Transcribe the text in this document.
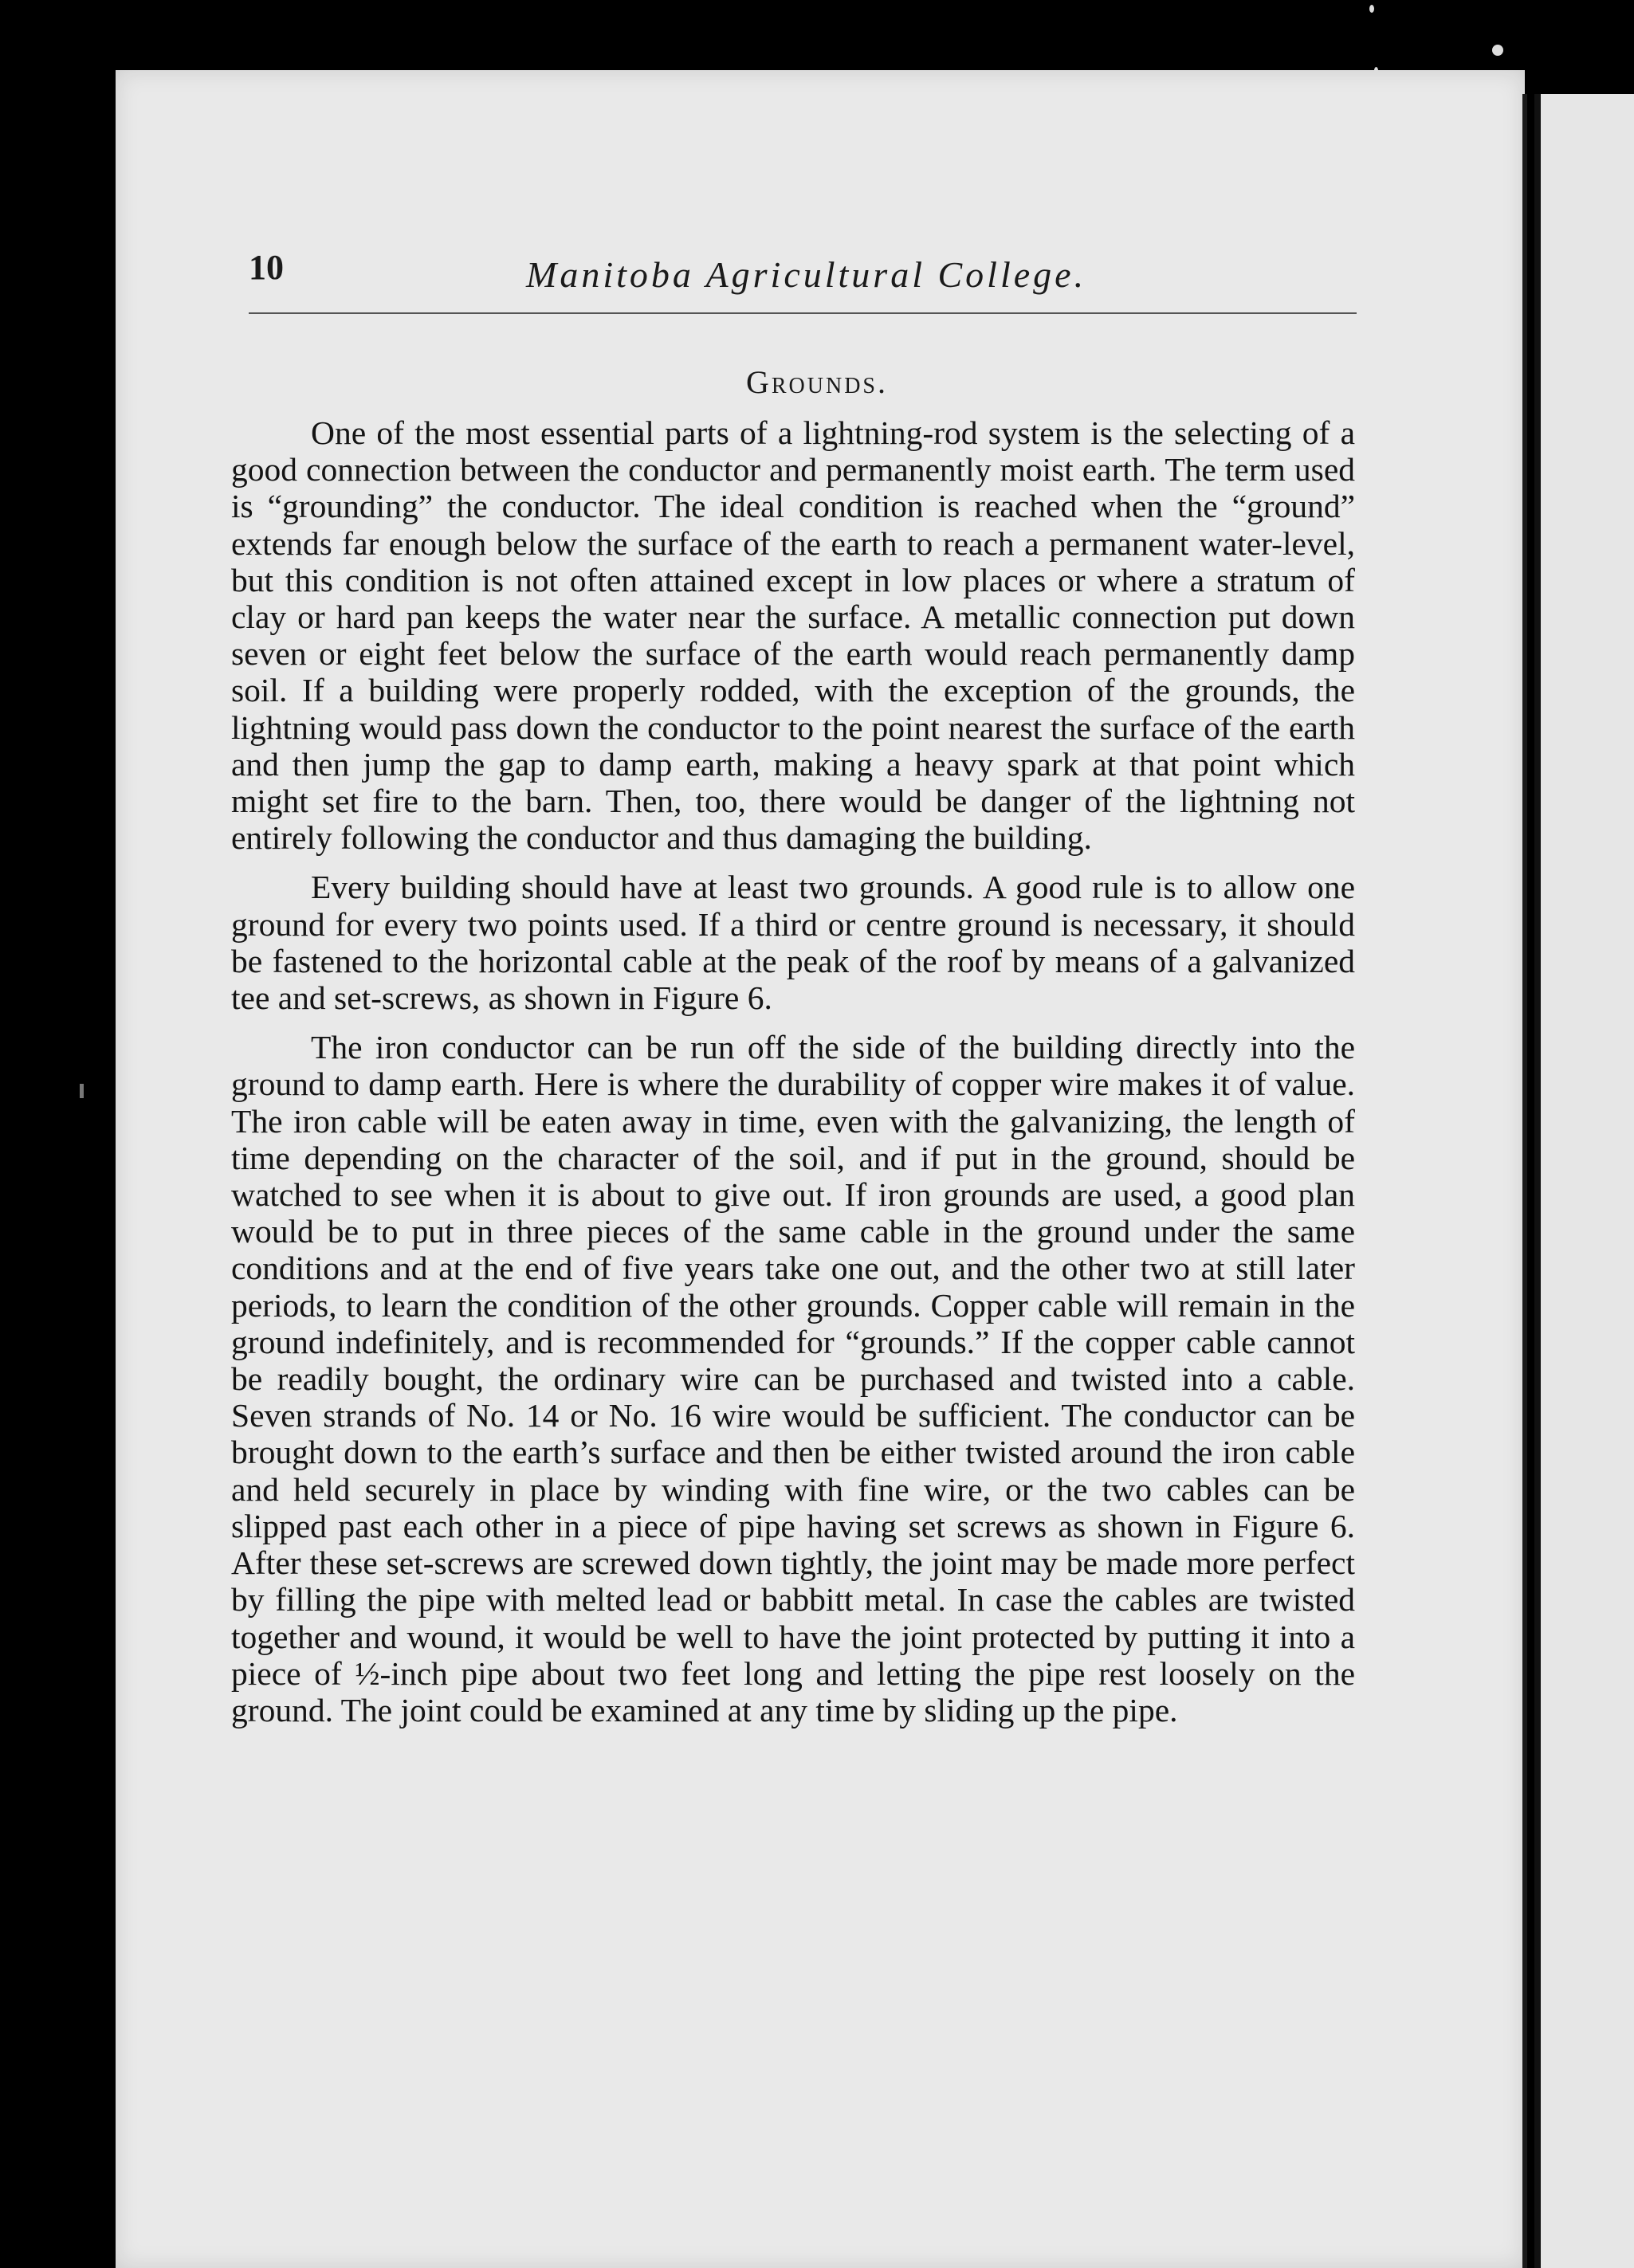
10	Manitoba Agricultural College.
Grounds.

One of the most essential parts of a lightning-rod system is the selecting of a good connection between the conductor and permanently moist earth. The term used is “grounding” the conductor. The ideal condition is reached when the “ground” extends far enough below the surface of the earth to reach a permanent water-level, but this condition is not often attained except in low places or where a stratum of clay or hard pan keeps the water near the surface. A metallic connection put down seven or eight feet below the surface of the earth would reach permanently damp soil. If a building were properly rodded, with the exception of the grounds, the lightning would pass down the conductor to the point nearest the surface of the earth and then jump the gap to damp earth, making a heavy spark at that point which might set fire to the barn. Then, too, there would be danger of the lightning not entirely following the conductor and thus damaging the building.

Every building should have at least two grounds. A good rule is to allow one ground for every two points used. If a third or centre ground is necessary, it should be fastened to the horizontal cable at the peak of the roof by means of a galvanized tee and set-screws, as shown in Figure 6.

The iron conductor can be run off the side of the building directly into the ground to damp earth. Here is where the durability of copper wire makes it of value. The iron cable will be eaten away in time, even with the galvanizing, the length of time depending on the character of the soil, and if put in the ground, should be watched to see when it is about to give out. If iron grounds are used, a good plan would be to put in three pieces of the same cable in the ground under the same conditions and at the end of five years take one out, and the other two at still later periods, to learn the condition of the other grounds. Copper cable will remain in the ground indefinitely, and is recommended for “grounds.” If the copper cable cannot be readily bought, the ordinary wire can be purchased and twisted into a cable. Seven strands of No. 14 or No. 16 wire would be sufficient. The conductor can be brought down to the earth’s surface and then be either twisted around the iron cable and held securely in place by winding with fine wire, or the two cables can be slipped past each other in a piece of pipe having set screws as shown in Figure 6. After these set-screws are screwed down tightly, the joint may be made more perfect by filling the pipe with melted lead or babbitt metal. In case the cables are twisted together and wound, it would be well to have the joint protected by putting it into a piece of ½-inch pipe about two feet long and letting the pipe rest loosely on the ground. The joint could be examined at any time by sliding up the pipe.
